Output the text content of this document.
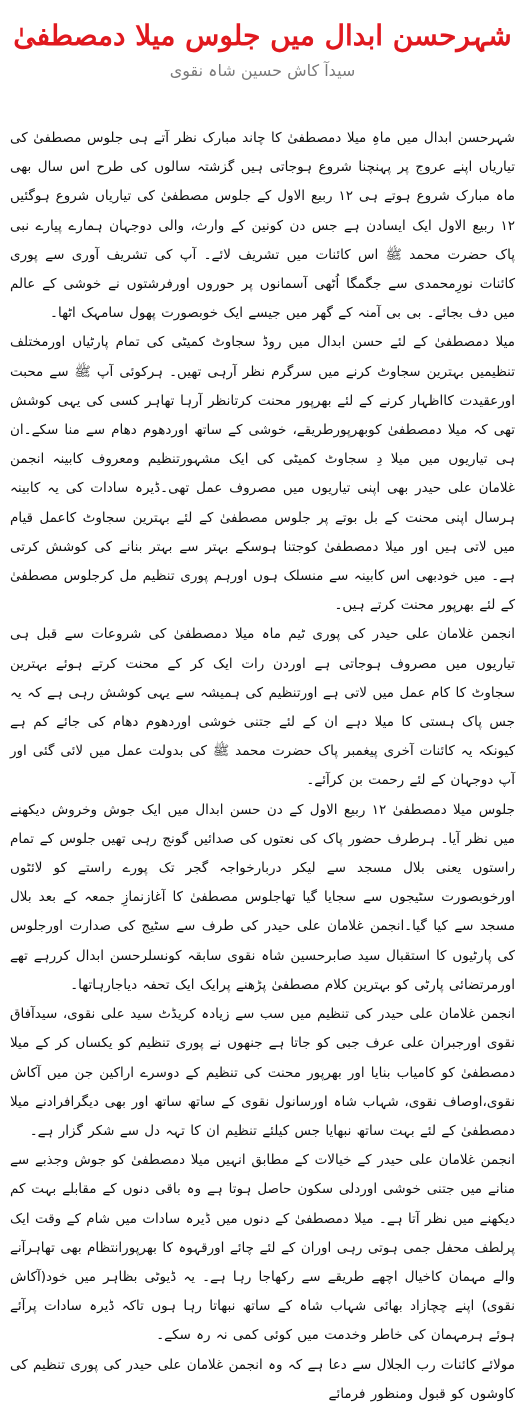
شہرحسن ابدال میں جلوس میلا دمصطفیٰ

سیدآ کاش حسین شاہ نقوی

شہرحسن ابدال میں ماہِ میلا دمصطفیٰ کا چاند مبارک نظر آتے ہی جلوس مصطفیٰ کی تیاریاں اپنے عروج پر پہنچنا شروع ہوجاتی ہیں گزشتہ سالوں کی طرح اس سال بھی ماہ مبارک شروع ہوتے ہی ۱۲ ربیع الاول کے جلوس مصطفیٰ کی تیاریاں شروع ہوگئیں ۱۲ ربیع الاول ایک ایسادن ہے جس دن کونین کے وارث، والی دوجہان ہمارے پیارے نبی پاک حضرت محمد ﷺ اس کائنات میں تشریف لائے۔ آپ کی تشریف آوری سے پوری کائنات نورِمحمدی سے جگمگا اُٹھی آسمانوں پر حوروں اورفرشتوں نے خوشی کے عالم میں دف بجائے۔ بی بی آمنہ کے گھر میں جیسے ایک خوبصورت پھول سامہک اٹھا۔

میلا دمصطفیٰ کے لئے حسن ابدال میں روڈ سجاوٹ کمیٹی کی تمام پارٹیاں اورمختلف تنظیمیں بہترین سجاوٹ کرنے میں سرگرم نظر آرہی تھیں۔ ہرکوئی آپ ﷺ سے محبت اورعقیدت کااظہار کرنے کے لئے بھرپور محنت کرتانظر آرہا تھاہر کسی کی یہی کوشش تھی کہ میلا دمصطفیٰ کوبھرپورطریقے، خوشی کے ساتھ اوردھوم دھام سے منا سکے۔ان ہی تیاریوں میں میلا دِ سجاوٹ کمیٹی کی ایک مشہورتنظیم ومعروف کابینہ انجمن غلامان علی حیدر بھی اپنی تیاریوں میں مصروف عمل تھی۔ڈیرہ سادات کی یہ کابینہ ہرسال اپنی محنت کے بل بوتے پر جلوس مصطفیٰ کے لئے بہترین سجاوٹ کاعمل قیام میں لاتی ہیں اور میلا دمصطفیٰ کوجتنا ہوسکے بہتر سے بہتر بنانے کی کوشش کرتی ہے۔ میں خودبھی اس کابینہ سے منسلک ہوں اورہم پوری تنظیم مل کرجلوس مصطفیٰ کے لئے بھرپور محنت کرتے ہیں۔

انجمن غلامان علی حیدر کی پوری ٹیم ماہ میلا دمصطفیٰ کی شروعات سے قبل ہی تیاریوں میں مصروف ہوجاتی ہے اوردن رات ایک کر کے محنت کرتے ہوئے بہترین سجاوٹ کا کام عمل میں لاتی ہے اورتنظیم کی ہمیشہ سے یہی کوشش رہی ہے کہ یہ جس پاک ہستی کا میلا دہے ان کے لئے جتنی خوشی اوردھوم دھام کی جائے کم ہے کیونکہ یہ کائنات آخری پیغمبر پاک حضرت محمد ﷺ کی بدولت عمل میں لائی گئی اور آپ دوجہان کے لئے رحمت بن کرآئے۔

جلوس میلا دمصطفیٰ ۱۲ ربیع الاول کے دن حسن ابدال میں ایک جوش وخروش دیکھنے میں نظر آیا۔ ہرطرف حضور پاک کی نعتوں کی صدائیں گونج رہی تھیں جلوس کے تمام راستوں یعنی بلال مسجد سے لیکر دربارخواجہ گجر تک پورے راستے کو لائٹوں اورخوبصورت سٹیجوں سے سجایا گیا تھاجلوس مصطفیٰ کا آغازنمازِ جمعہ کے بعد بلال مسجد سے کیا گیا۔انجمن غلامان علی حیدر کی طرف سے سٹیج کی صدارت اورجلوس کی پارٹیوں کا استقبال سید صابرحسین شاہ نقوی سابقہ کونسلرحسن ابدال کررہے تھے اورمرتضائی پارٹی کو بہترین کلام مصطفیٰ پڑھنے پرایک ایک تحفہ دیاجارہاتھا۔

انجمن غلامان علی حیدر کی تنظیم میں سب سے زیادہ کریڈٹ سید علی نقوی، سیدآفاق نقوی اورجبران علی عرف جبی کو جاتا ہے جنھوں نے پوری تنظیم کو یکساں کر کے میلا دمصطفیٰ کو کامیاب بنایا اور بھرپور محنت کی تنظیم کے دوسرے اراکین جن میں آکاش نقوی،اوصاف نقوی، شہاب شاہ اورسانول نقوی کے ساتھ ساتھ اور بھی دیگرافرادنے میلا دمصطفیٰ کے لئے بہت ساتھ نبھایا جس کیلئے تنظیم ان کا تہہ دل سے شکر گزار ہے۔

انجمن غلامان علی حیدر کے خیالات کے مطابق انہیں میلا دمصطفیٰ کو جوش وجذبے سے منانے میں جتنی خوشی اوردلی سکون حاصل ہوتا ہے وہ باقی دنوں کے مقابلے بہت کم دیکھنے میں نظر آتا ہے۔ میلا دمصطفیٰ کے دنوں میں ڈیرہ سادات میں شام کے وقت ایک پرلطف محفل جمی ہوتی رہی اوران کے لئے چائے اورقہوہ کا بھرپورانتظام بھی تھاہرآنے والے مہمان کاخیال اچھے طریقے سے رکھاجا رہا ہے۔ یہ ڈیوٹی بظاہر میں خود(آکاش نقوی) اپنے چچازاد بھائی شہاب شاہ کے ساتھ نبھاتا رہا ہوں تاکہ ڈیرہ سادات پرآئے ہوئے ہرمہمان کی خاطر وخدمت میں کوئی کمی نہ رہ سکے۔

مولائے کائنات رب الجلال سے دعا ہے کہ وہ انجمن غلامان علی حیدر کی پوری تنظیم کی کاوشوں کو قبول ومنظور فرمائے
